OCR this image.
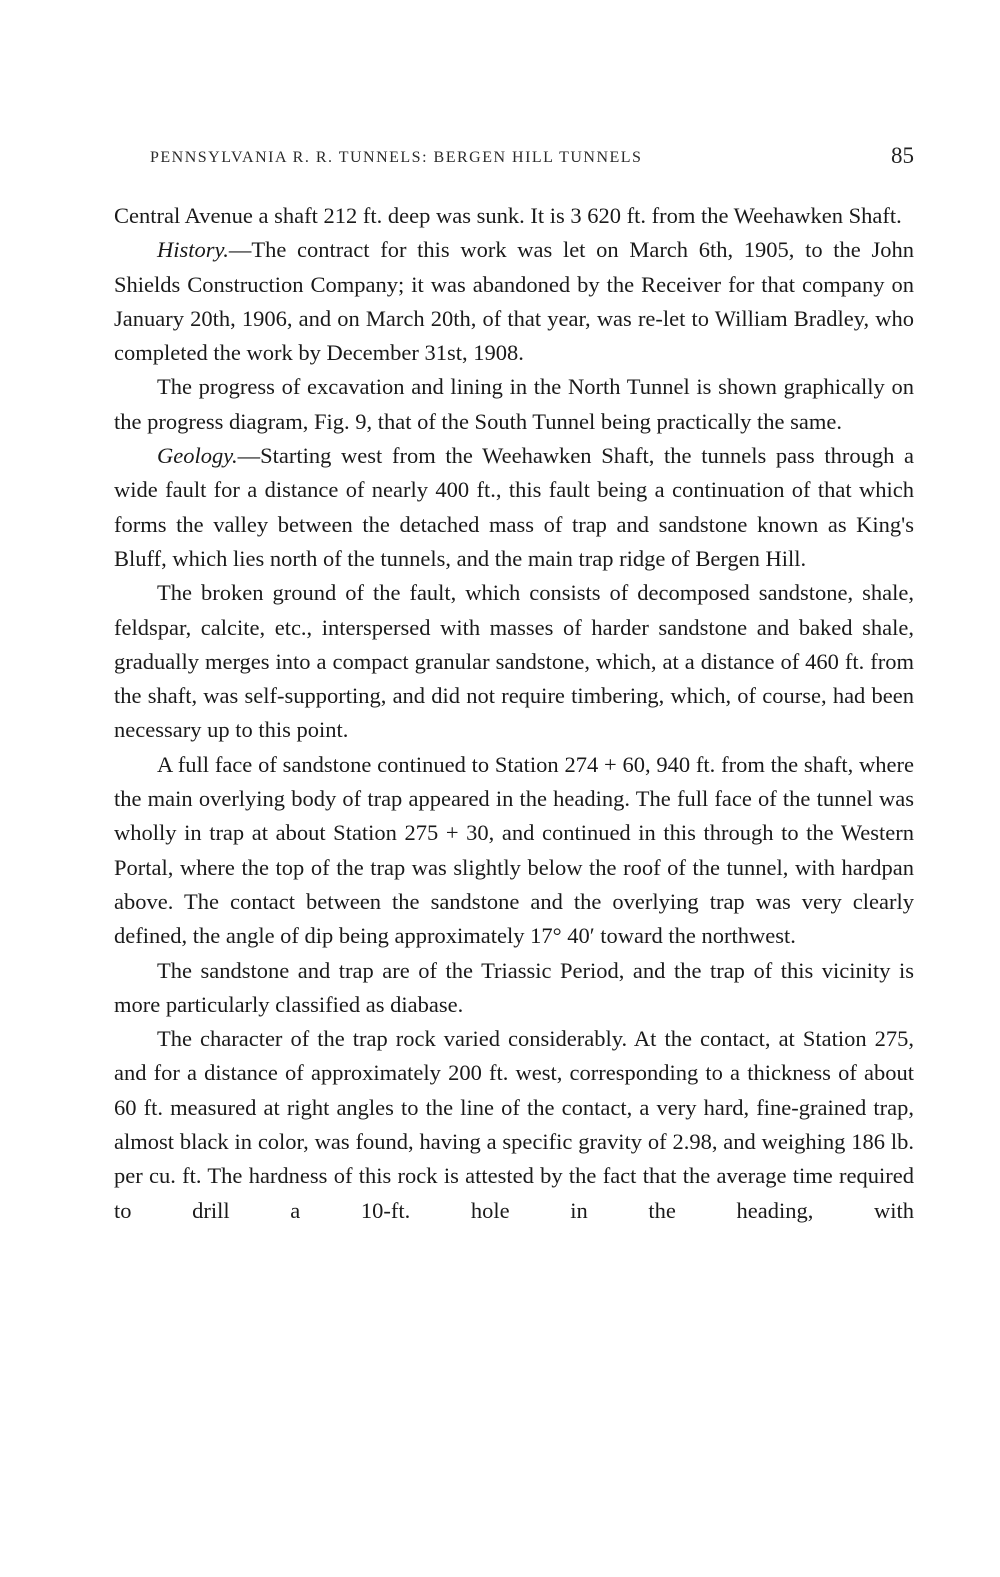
PENNSYLVANIA R. R. TUNNELS: BERGEN HILL TUNNELS	85

Central Avenue a shaft 212 ft. deep was sunk. It is 3 620 ft. from the Weehawken Shaft.

History.—The contract for this work was let on March 6th, 1905, to the John Shields Construction Company; it was abandoned by the Receiver for that company on January 20th, 1906, and on March 20th, of that year, was re-let to William Bradley, who completed the work by December 31st, 1908.

The progress of excavation and lining in the North Tunnel is shown graphically on the progress diagram, Fig. 9, that of the South Tunnel being practically the same.

Geology.—Starting west from the Weehawken Shaft, the tunnels pass through a wide fault for a distance of nearly 400 ft., this fault being a continuation of that which forms the valley between the detached mass of trap and sandstone known as King's Bluff, which lies north of the tunnels, and the main trap ridge of Bergen Hill.

The broken ground of the fault, which consists of decomposed sandstone, shale, feldspar, calcite, etc., interspersed with masses of harder sandstone and baked shale, gradually merges into a compact granular sandstone, which, at a distance of 460 ft. from the shaft, was self-supporting, and did not require timbering, which, of course, had been necessary up to this point.

A full face of sandstone continued to Station 274 + 60, 940 ft. from the shaft, where the main overlying body of trap appeared in the heading. The full face of the tunnel was wholly in trap at about Station 275 + 30, and continued in this through to the Western Portal, where the top of the trap was slightly below the roof of the tunnel, with hardpan above. The contact between the sandstone and the overlying trap was very clearly defined, the angle of dip being approximately 17° 40′ toward the northwest.

The sandstone and trap are of the Triassic Period, and the trap of this vicinity is more particularly classified as diabase.

The character of the trap rock varied considerably. At the contact, at Station 275, and for a distance of approximately 200 ft. west, corresponding to a thickness of about 60 ft. measured at right angles to the line of the contact, a very hard, fine-grained trap, almost black in color, was found, having a specific gravity of 2.98, and weighing 186 lb. per cu. ft. The hardness of this rock is attested by the fact that the average time required to drill a 10-ft. hole in the heading, with
